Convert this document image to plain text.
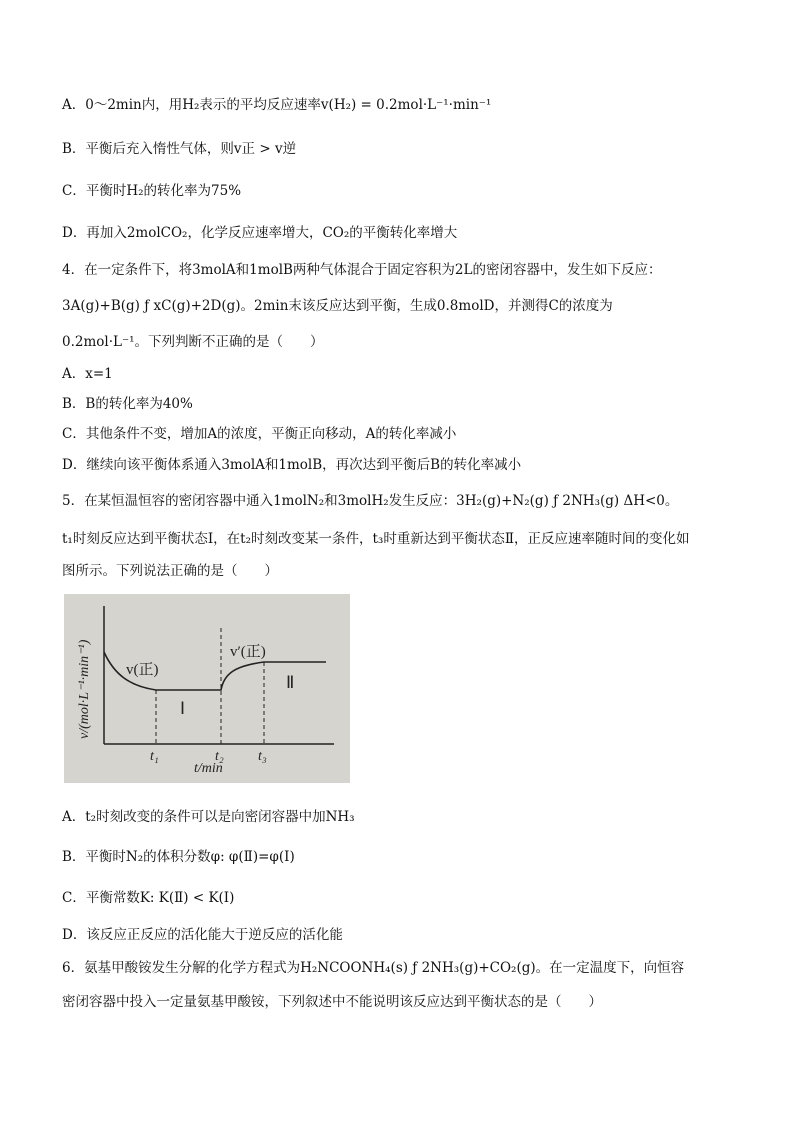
A．0～2min内，用H₂表示的平均反应速率v(H₂) = 0.2mol·L⁻¹·min⁻¹
B．平衡后充入惰性气体，则v正 > v逆
C．平衡时H₂的转化率为75%
D．再加入2molCO₂，化学反应速率增大，CO₂的平衡转化率增大
4．在一定条件下，将3molA和1molB两种气体混合于固定容积为2L的密闭容器中，发生如下反应：
3A(g)+B(g) ƒ xC(g)+2D(g)。2min末该反应达到平衡，生成0.8molD，并测得C的浓度为
0.2mol·L⁻¹。下列判断不正确的是（　　）
A．x=1
B．B的转化率为40%
C．其他条件不变，增加A的浓度，平衡正向移动，A的转化率减小
D．继续向该平衡体系通入3molA和1molB，再次达到平衡后B的转化率减小
5．在某恒温恒容的密闭容器中通入1molN₂和3molH₂发生反应：3H₂(g)+N₂(g) ƒ 2NH₃(g) ΔH<0。
t₁时刻反应达到平衡状态Ⅰ，在t₂时刻改变某一条件，t₃时重新达到平衡状态Ⅱ，正反应速率随时间的变化如
图所示。下列说法正确的是（　　）
v/(mol·L⁻¹·min⁻¹)
t/min
v(正)
v′(正)
Ⅰ
Ⅱ
t₁	t₂ t₃
A．t₂时刻改变的条件可以是向密闭容器中加NH₃
B．平衡时N₂的体积分数φ: φ(Ⅱ)=φ(Ⅰ)
C．平衡常数K: K(Ⅱ) < K(Ⅰ)
D．该反应正反应的活化能大于逆反应的活化能
6．氨基甲酸铵发生分解的化学方程式为H₂NCOONH₄(s) ƒ 2NH₃(g)+CO₂(g)。在一定温度下，向恒容
密闭容器中投入一定量氨基甲酸铵，下列叙述中不能说明该反应达到平衡状态的是（　　）
